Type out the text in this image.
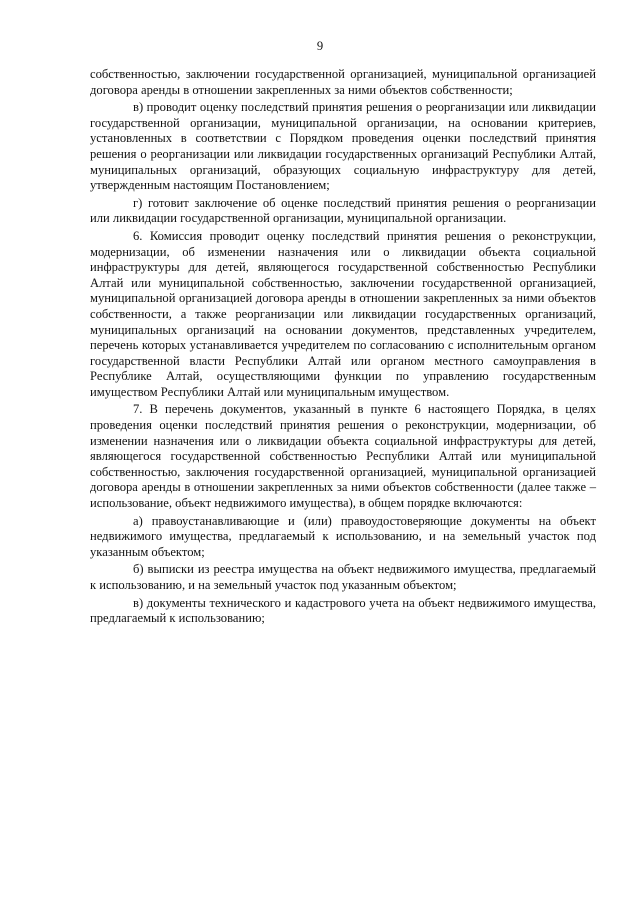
9

собственностью, заключении государственной организацией, муниципальной организацией договора аренды в отношении закрепленных за ними объектов собственности;

в) проводит оценку последствий принятия решения о реорганизации или ликвидации государственной организации, муниципальной организации, на основании критериев, установленных в соответствии с Порядком проведения оценки последствий принятия решения о реорганизации или ликвидации государственных организаций Республики Алтай, муниципальных организаций, образующих социальную инфраструктуру для детей, утвержденным настоящим Постановлением;

г) готовит заключение об оценке последствий принятия решения о реорганизации или ликвидации государственной организации, муниципальной организации.

6. Комиссия проводит оценку последствий принятия решения о реконструкции, модернизации, об изменении назначения или о ликвидации объекта социальной инфраструктуры для детей, являющегося государственной собственностью Республики Алтай или муниципальной собственностью, заключении государственной организацией, муниципальной организацией договора аренды в отношении закрепленных за ними объектов собственности, а также реорганизации или ликвидации государственных организаций, муниципальных организаций на основании документов, представленных учредителем, перечень которых устанавливается учредителем по согласованию с исполнительным органом государственной власти Республики Алтай или органом местного самоуправления в Республике Алтай, осуществляющими функции по управлению государственным имуществом Республики Алтай или муниципальным имуществом.

7. В перечень документов, указанный в пункте 6 настоящего Порядка, в целях проведения оценки последствий принятия решения о реконструкции, модернизации, об изменении назначения или о ликвидации объекта социальной инфраструктуры для детей, являющегося государственной собственностью Республики Алтай или муниципальной собственностью, заключения государственной организацией, муниципальной организацией договора аренды в отношении закрепленных за ними объектов собственности (далее также – использование, объект недвижимого имущества), в общем порядке включаются:

а) правоустанавливающие и (или) правоудостоверяющие документы на объект недвижимого имущества, предлагаемый к использованию, и на земельный участок под указанным объектом;

б) выписки из реестра имущества на объект недвижимого имущества, предлагаемый к использованию, и на земельный участок под указанным объектом;

в) документы технического и кадастрового учета на объект недвижимого имущества, предлагаемый к использованию;
